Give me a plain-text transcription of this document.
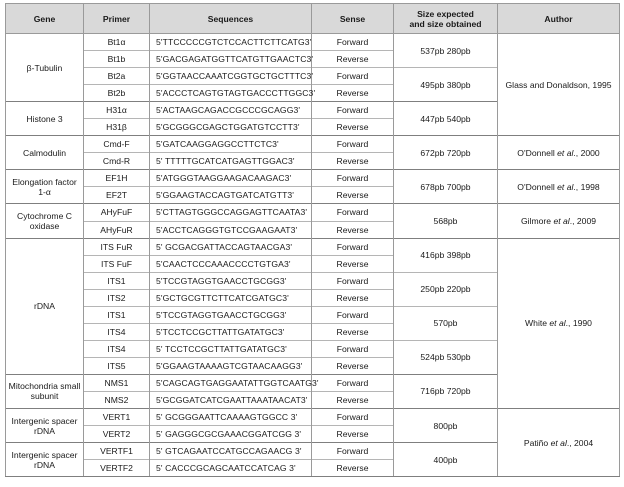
Gene	Primer	Sequences	Sense	Size expected
and size obtained	Author
β-Tubulin	Bt1α	5'TTCCCCCGTCTCCACTTCTTCATG3'	Forward	537pb 280pb	Glass and Donaldson, 1995
	Bt1b	5'GACGAGATGGTTCATGTTGAACTC3'	Reverse		
	Bt2a	5'GGTAACCAAATCGGTGCTGCTTTC3'	Forward	495pb 380pb	
	Bt2b	5'ACCCTCAGTGTAGTGACCCTTGGC3'	Reverse		
Histone 3	H31α	5'ACTAAGCAGACCGCCCGCAGG3'	Forward	447pb 540pb	
	H31β	5'GCGGGCGAGCTGGATGTCCTT3'	Reverse		
Calmodulin	Cmd-F	5'GATCAAGGAGGCCTTCTC3'	Forward	672pb 720pb	O'Donnell et al., 2000
	Cmd-R	5' TTTTTGCATCATGAGTTGGAC3'	Reverse		
Elongation factor 1-α	EF1H	5'ATGGGTAAGGAAGACAAGAC3'	Forward	678pb 700pb	O'Donnell et al., 1998
	EF2T	5'GGAAGTACCAGTGATCATGTT3'	Reverse		
Cytochrome C oxidase	AHyFuF	5'CTTAGTGGGCCAGGAGTTCAATA3'	Forward	568pb	Gilmore et al., 2009
	AHyFuR	5'ACCTCAGGGTGTCCGAAGAAT3'	Reverse		
rDNA	ITS FuR	5' GCGACGATTACCAGTAACGA3'	Forward	416pb 398pb	White et al., 1990
	ITS FuF	5'CAACTCCCAAACCCCTGTGA3'	Reverse		
	ITS1	5'TCCGTAGGTGAACCTGCGG3'	Forward	250pb 220pb	
	ITS2	5'GCTGCGTTCTTCATCGATGC3'	Reverse		
	ITS1	5'TCCGTAGGTGAACCTGCGG3'	Forward	570pb	
	ITS4	5'TCCTCCGCTTATTGATATGC3'	Reverse		
	ITS4	5' TCCTCCGCTTATTGATATGC3'	Forward	524pb 530pb	
	ITS5	5'GGAAGTAAAAGTCGTAACAAGG3'	Reverse		
Mitochondria small subunit	NMS1	5'CAGCAGTGAGGAATATTGGTCAATG3'	Forward	716pb 720pb	
	NMS2	5'GCGGATCATCGAATTAAATAACAT3'	Reverse		
Intergenic spacer rDNA	VERT1	5' GCGGGAATTCAAAAGTGGCC 3'	Forward	800pb	Patiño et al., 2004
	VERT2	5' GAGGGCGCGAAACGGATCGG 3'	Reverse		
Intergenic spacer rDNA	VERTF1	5' GTCAGAATCCATGCCAGAACG 3'	Forward	400pb	
	VERTF2	5' CACCCGCAGCAATCCATCAG 3'	Reverse		
